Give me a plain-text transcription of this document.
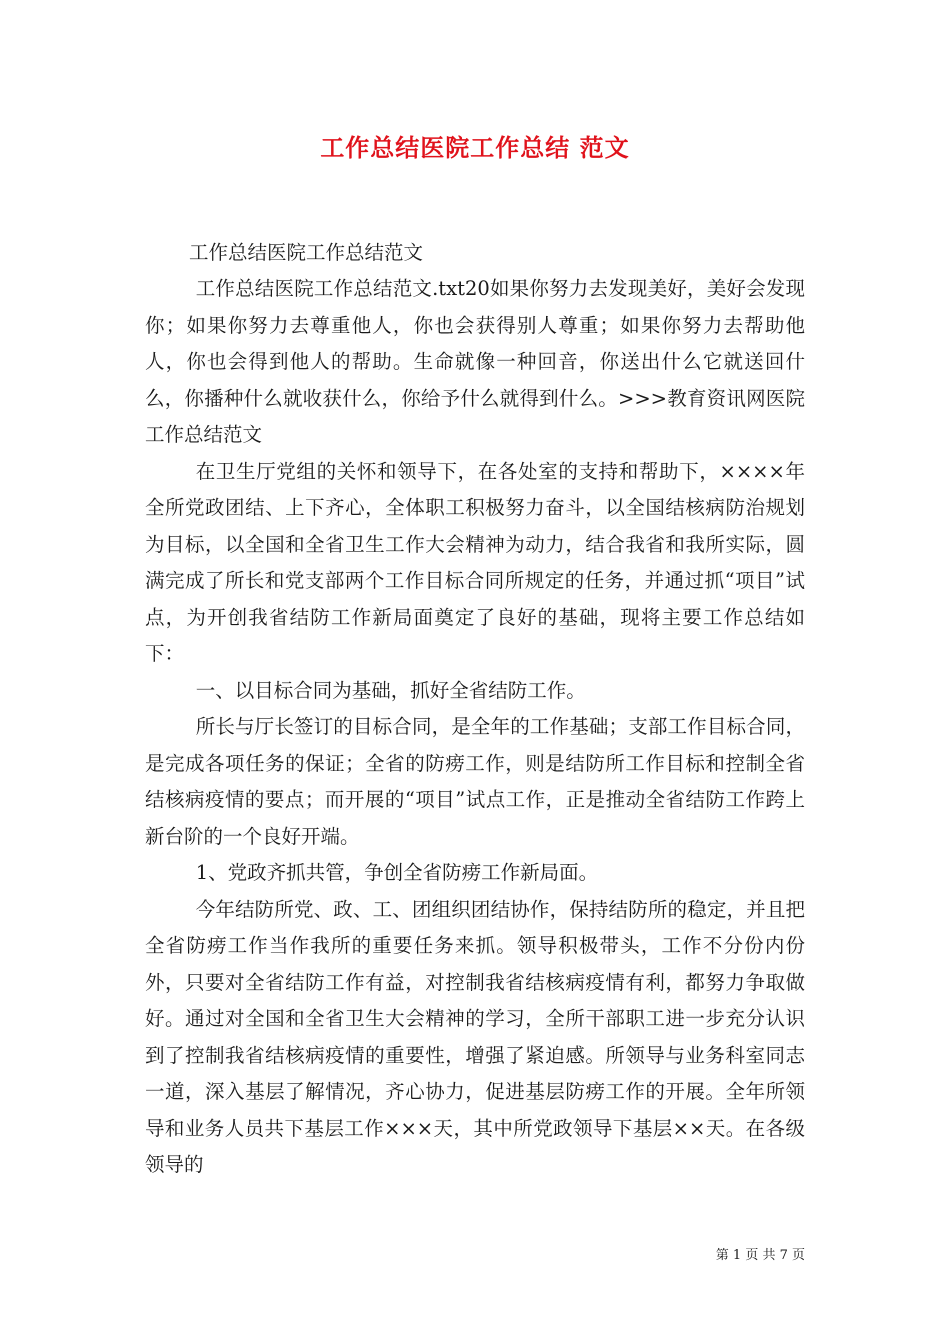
工作总结医院工作总结 范文

工作总结医院工作总结范文

工作总结医院工作总结范文.txt20如果你努力去发现美好，美好会发现你；如果你努力去尊重他人，你也会获得别人尊重；如果你努力去帮助他人，你也会得到他人的帮助。生命就像一种回音，你送出什么它就送回什么，你播种什么就收获什么，你给予什么就得到什么。>>>教育资讯网医院工作总结范文

在卫生厅党组的关怀和领导下，在各处室的支持和帮助下，××××年全所党政团结、上下齐心，全体职工积极努力奋斗，以全国结核病防治规划为目标，以全国和全省卫生工作大会精神为动力，结合我省和我所实际，圆满完成了所长和党支部两个工作目标合同所规定的任务，并通过抓“项目”试点，为开创我省结防工作新局面奠定了良好的基础，现将主要工作总结如下：

一、以目标合同为基础，抓好全省结防工作。

所长与厅长签订的目标合同，是全年的工作基础；支部工作目标合同，是完成各项任务的保证；全省的防痨工作，则是结防所工作目标和控制全省结核病疫情的要点；而开展的“项目”试点工作，正是推动全省结防工作跨上新台阶的一个良好开端。

1、党政齐抓共管，争创全省防痨工作新局面。

今年结防所党、政、工、团组织团结协作，保持结防所的稳定，并且把全省防痨工作当作我所的重要任务来抓。领导积极带头，工作不分份内份外，只要对全省结防工作有益，对控制我省结核病疫情有利，都努力争取做好。通过对全国和全省卫生大会精神的学习，全所干部职工进一步充分认识到了控制我省结核病疫情的重要性，增强了紧迫感。所领导与业务科室同志一道，深入基层了解情况，齐心协力，促进基层防痨工作的开展。全年所领导和业务人员共下基层工作×××天，其中所党政领导下基层××天。在各级领导的

第 1 页 共 7 页
